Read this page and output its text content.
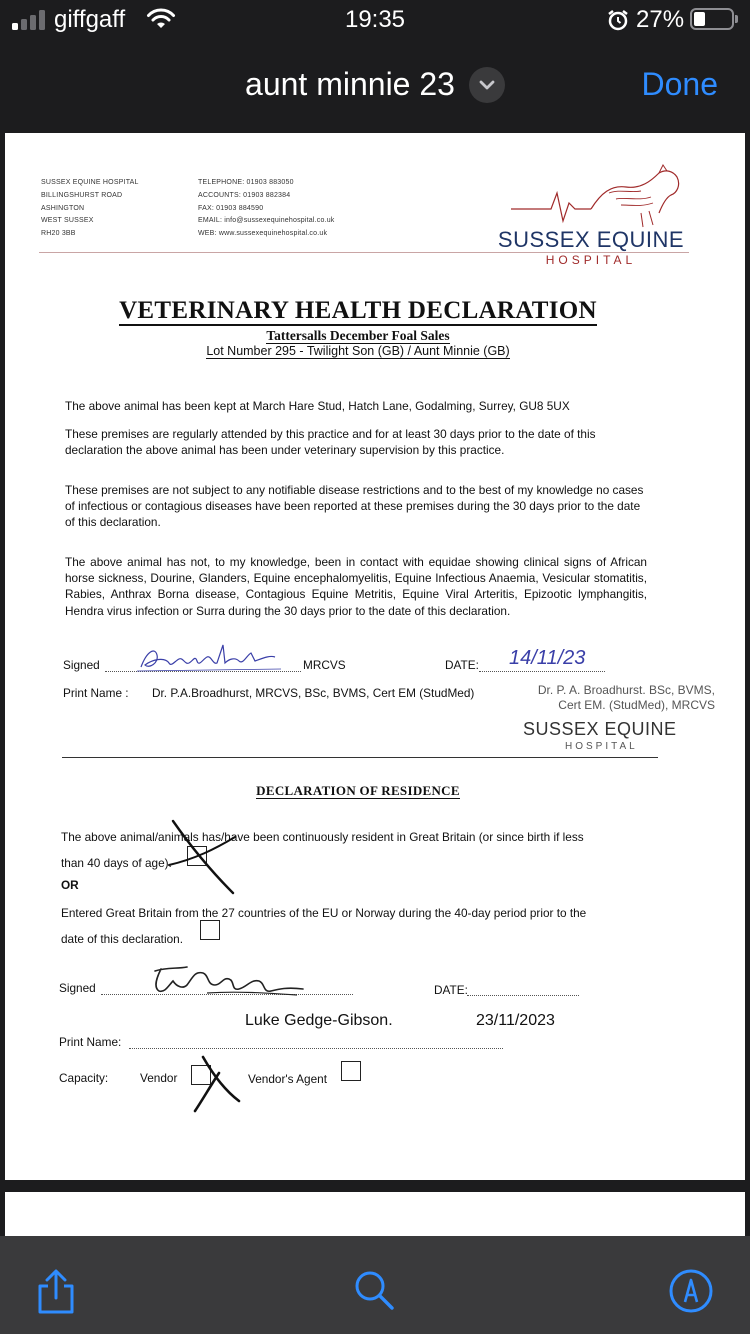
giffgaff	19:35	27%
aunt minnie 23	Done
SUSSEX EQUINE HOSPITAL
BILLINGSHURST ROAD
ASHINGTON
WEST SUSSEX
RH20 3BB
TELEPHONE: 01903 883050
ACCOUNTS: 01903 882384
FAX: 01903 884590
EMAIL: info@sussexequinehospital.co.uk
WEB: www.sussexequinehospital.co.uk	SUSSEX EQUINE
HOSPITAL
VETERINARY HEALTH DECLARATION
Tattersalls December Foal Sales
Lot Number 295 - Twilight Son (GB) / Aunt Minnie (GB)
The above animal has been kept at March Hare Stud, Hatch Lane, Godalming, Surrey, GU8 5UX
These premises are regularly attended by this practice and for at least 30 days prior to the date of this declaration the above animal has been under veterinary supervision by this practice.
These premises are not subject to any notifiable disease restrictions and to the best of my knowledge no cases of infectious or contagious diseases have been reported at these premises during the 30 days prior to the date of this declaration.
The above animal has not, to my knowledge, been in contact with equidae showing clinical signs of African horse sickness, Dourine, Glanders, Equine encephalomyelitis, Equine Infectious Anaemia, Vesicular stomatitis, Rabies, Anthrax Borna disease, Contagious Equine Metritis, Equine Viral Arteritis, Epizootic lymphangitis, Hendra virus infection or Surra during the 30 days prior to the date of this declaration.
Signed	MRCVS	DATE: 14/11/23
Print Name : Dr. P.A.Broadhurst, MRCVS, BSc, BVMS, Cert EM (StudMed)	Dr. P. A. Broadhurst. BSc, BVMS,
Cert EM. (StudMed), MRCVS
SUSSEX EQUINE
HOSPITAL
DECLARATION OF RESIDENCE
The above animal/animals has/have been continuously resident in Great Britain (or since birth if less
than 40 days of age).
OR
Entered Great Britain from the 27 countries of the EU or Norway during the 40-day period prior to the
date of this declaration.
Signed	DATE:
Luke Gedge-Gibson.	23/11/2023
Print Name:
Capacity:	Vendor	Vendor's Agent
